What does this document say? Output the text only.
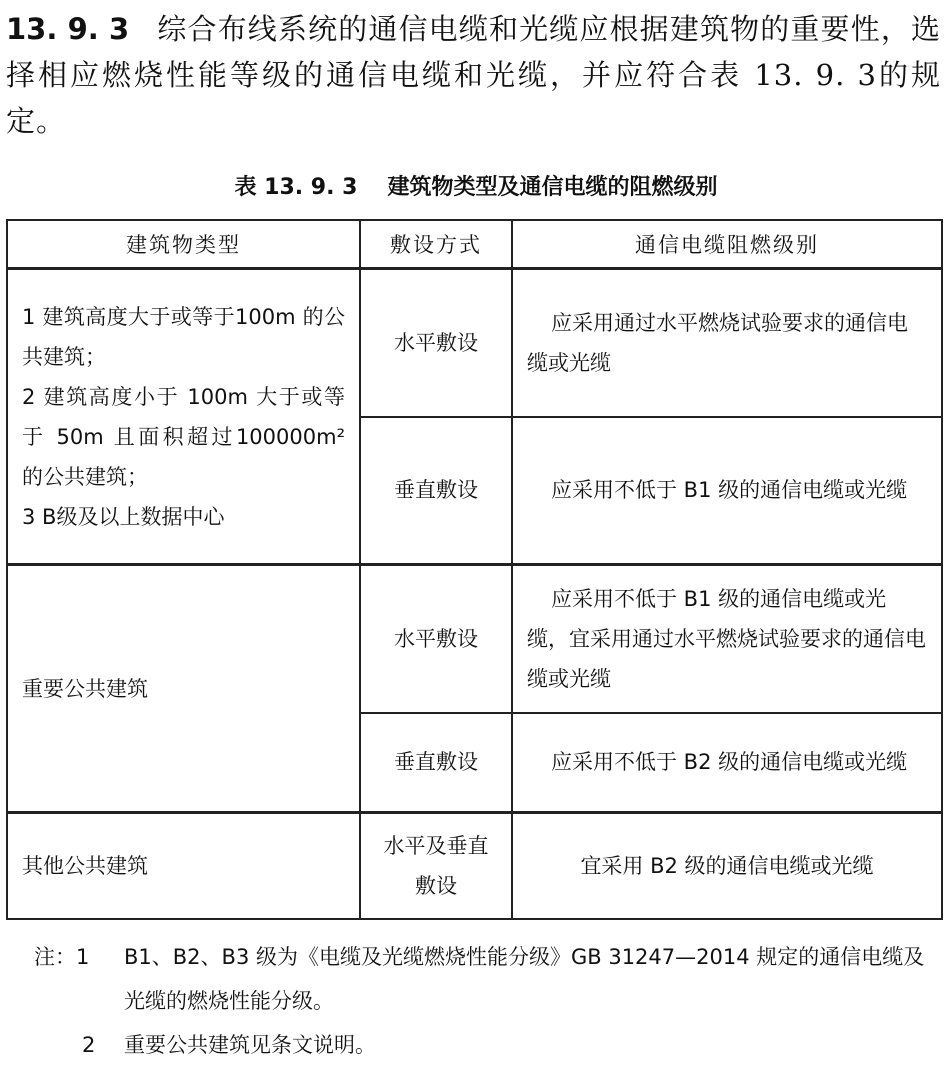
13. 9. 3 综合布线系统的通信电缆和光缆应根据建筑物的重要性，选择相应燃烧性能等级的通信电缆和光缆，并应符合表 13. 9. 3的规定。
表 13. 9. 3 建筑物类型及通信电缆的阻燃级别
建筑物类型	敷设方式	通信电缆阻燃级别

1 建筑高度大于或等于100m 的公共建筑；
2 建筑高度小于 100m 大于或等于 50m 且面积超过100000m² 的公共建筑；
3 B级及以上数据中心	水平敷设	应采用通过水平燃烧试验要求的通信电缆或光缆
	垂直敷设	应采用不低于 B1 级的通信电缆或光缆
重要公共建筑	水平敷设	应采用不低于 B1 级的通信电缆或光缆，宜采用通过水平燃烧试验要求的通信电缆或光缆
	垂直敷设	应采用不低于 B2 级的通信电缆或光缆
其他公共建筑	水平及垂直敷设	宜采用 B2 级的通信电缆或光缆
注：1	B1、B2、B3 级为《电缆及光缆燃烧性能分级》GB 31247—2014 规定的通信电缆及光缆的燃烧性能分级。
2	重要公共建筑见条文说明。
